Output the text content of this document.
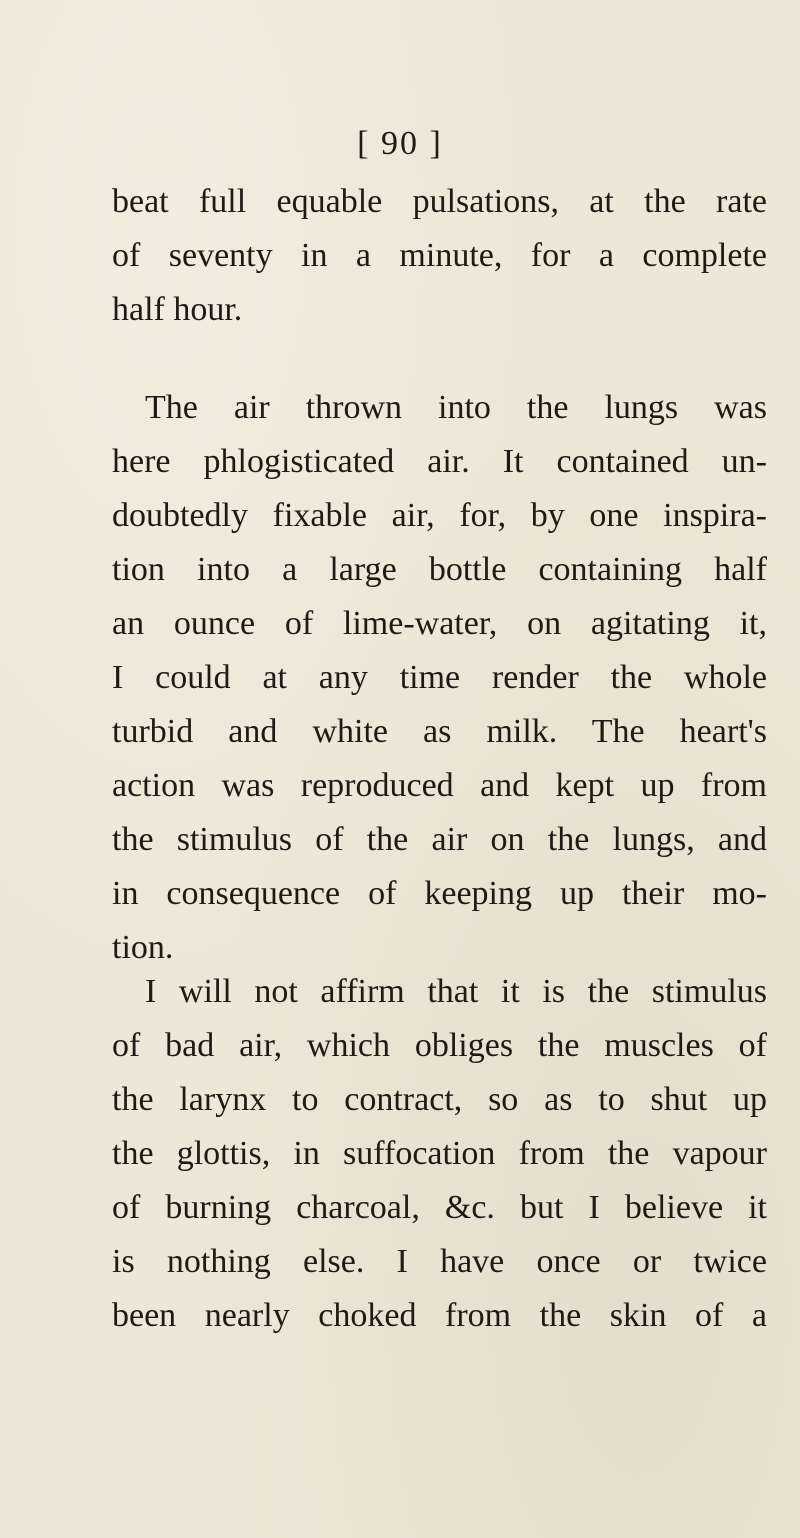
[ 90 ]

beat full equable pulsations, at the rate
of seventy in a minute, for a complete
half hour.

The air thrown into the lungs was
here phlogisticated air. It contained un-
doubtedly fixable air, for, by one inspira-
tion into a large bottle containing half
an ounce of lime-water, on agitating it,
I could at any time render the whole
turbid and white as milk. The heart's
action was reproduced and kept up from
the stimulus of the air on the lungs, and
in consequence of keeping up their mo-
tion.

I will not affirm that it is the stimulus
of bad air, which obliges the muscles of
the larynx to contract, so as to shut up
the glottis, in suffocation from the vapour
of burning charcoal, &c. but I believe it
is nothing else. I have once or twice
been nearly choked from the skin of a
